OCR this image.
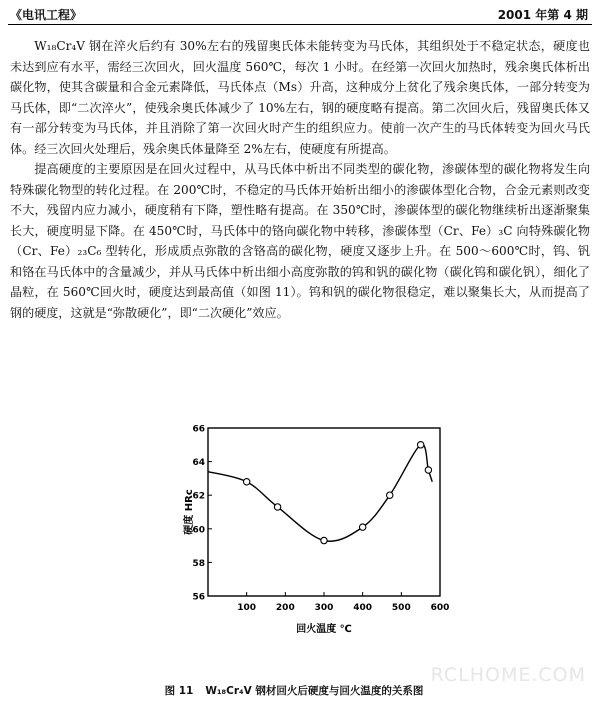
《电讯工程》	2001 年第 4 期

W₁₈Cr₄V 钢在淬火后约有 30%左右的残留奥氏体未能转变为马氏体，其组织处于不稳定状态，硬度也未达到应有水平，需经三次回火，回火温度 560℃，每次 1 小时。在经第一次回火加热时，残余奥氏体析出碳化物，使其含碳量和合金元素降低，马氏体点（Ms）升高，这种成分上贫化了残余奥氏体，一部分转变为马氏体，即“二次淬火”，使残余奥氏体减少了 10%左右，钢的硬度略有提高。第二次回火后，残留奥氏体又有一部分转变为马氏体，并且消除了第一次回火时产生的组织应力。使前一次产生的马氏体转变为回火马氏体。经三次回火处理后，残余奥氏体量降至 2%左右，使硬度有所提高。

提高硬度的主要原因是在回火过程中，从马氏体中析出不同类型的碳化物，渗碳体型的碳化物将发生向特殊碳化物型的转化过程。在 200℃时，不稳定的马氏体开始析出细小的渗碳体型化合物，合金元素则改变不大，残留内应力减小，硬度稍有下降，塑性略有提高。在 350℃时，渗碳体型的碳化物继续析出逐渐聚集长大，硬度明显下降。在 450℃时，马氏体中的铬向碳化物中转移，渗碳体型（Cr、Fe）₃C 向特殊碳化物（Cr、Fe）₂₃C₆ 型转化，形成质点弥散的含铬高的碳化物，硬度又逐步上升。在 500～600℃时，钨、钒和铬在马氏体中的含量减少，并从马氏体中析出细小高度弥散的钨和钒的碳化物（碳化钨和碳化钒），细化了晶粒，在 560℃回火时，硬度达到最高值（如图 11）。钨和钒的碳化物很稳定，难以聚集长大，从而提高了钢的硬度，这就是“弥散硬化”，即“二次硬化”效应。

56
58
60
62
64
66
100 200 300 400 500 600
硬度 HRc
回火温度 ℃
图 11 W₁₈Cr₄V 钢材回火后硬度与回火温度的关系图
RCLHOME.COM
